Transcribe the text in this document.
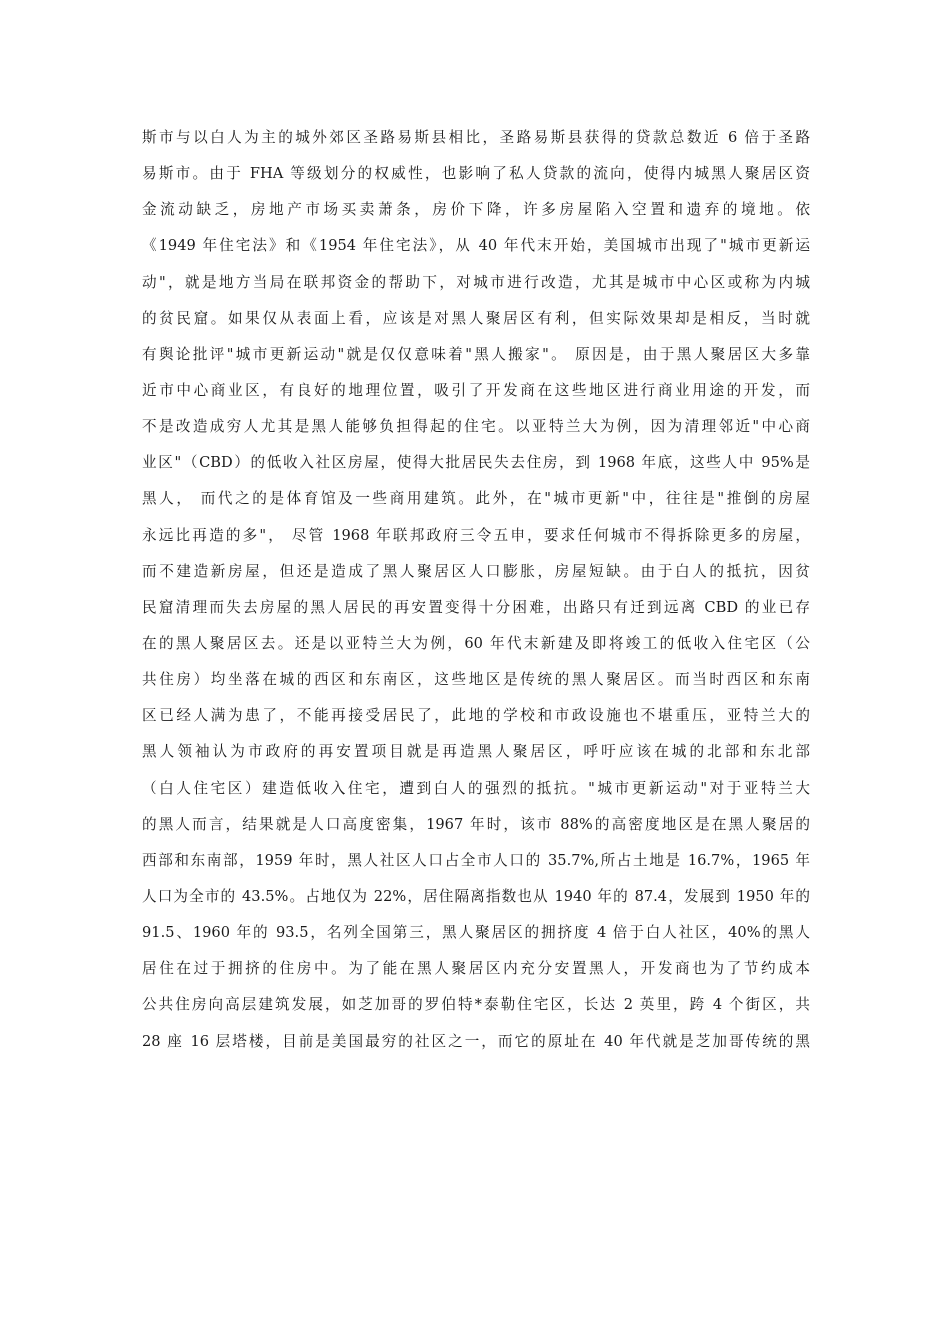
斯市与以白人为主的城外郊区圣路易斯县相比，圣路易斯县获得的贷款总数近 6 倍于圣路
易斯市。由于 FHA 等级划分的权威性，也影响了私人贷款的流向，使得内城黑人聚居区资
金流动缺乏，房地产市场买卖萧条，房价下降，许多房屋陷入空置和遗弃的境地。依
《1949 年住宅法》和《1954 年住宅法》，从 40 年代末开始，美国城市出现了"城市更新运
动"，就是地方当局在联邦资金的帮助下，对城市进行改造，尤其是城市中心区或称为内城
的贫民窟。如果仅从表面上看，应该是对黑人聚居区有利，但实际效果却是相反，当时就
有舆论批评"城市更新运动"就是仅仅意味着"黑人搬家"。 原因是，由于黑人聚居区大多靠
近市中心商业区，有良好的地理位置，吸引了开发商在这些地区进行商业用途的开发，而
不是改造成穷人尤其是黑人能够负担得起的住宅。以亚特兰大为例，因为清理邻近"中心商
业区"（CBD）的低收入社区房屋，使得大批居民失去住房，到 1968 年底，这些人中 95%是
黑人， 而代之的是体育馆及一些商用建筑。此外，在"城市更新"中，往往是"推倒的房屋
永远比再造的多"， 尽管 1968 年联邦政府三令五申，要求任何城市不得拆除更多的房屋，
而不建造新房屋，但还是造成了黑人聚居区人口膨胀，房屋短缺。由于白人的抵抗，因贫
民窟清理而失去房屋的黑人居民的再安置变得十分困难，出路只有迁到远离 CBD 的业已存
在的黑人聚居区去。还是以亚特兰大为例，60 年代末新建及即将竣工的低收入住宅区（公
共住房）均坐落在城的西区和东南区，这些地区是传统的黑人聚居区。而当时西区和东南
区已经人满为患了，不能再接受居民了，此地的学校和市政设施也不堪重压，亚特兰大的
黑人领袖认为市政府的再安置项目就是再造黑人聚居区，呼吁应该在城的北部和东北部
（白人住宅区）建造低收入住宅，遭到白人的强烈的抵抗。"城市更新运动"对于亚特兰大
的黑人而言，结果就是人口高度密集，1967 年时，该市 88%的高密度地区是在黑人聚居的
西部和东南部，1959 年时，黑人社区人口占全市人口的 35.7%,所占土地是 16.7%，1965 年
人口为全市的 43.5%。占地仅为 22%，居住隔离指数也从 1940 年的 87.4，发展到 1950 年的
91.5、1960 年的 93.5，名列全国第三，黑人聚居区的拥挤度 4 倍于白人社区，40%的黑人
居住在过于拥挤的住房中。为了能在黑人聚居区内充分安置黑人，开发商也为了节约成本
公共住房向高层建筑发展，如芝加哥的罗伯特*泰勒住宅区，长达 2 英里，跨 4 个街区，共
28 座 16 层塔楼，目前是美国最穷的社区之一，而它的原址在 40 年代就是芝加哥传统的黑
